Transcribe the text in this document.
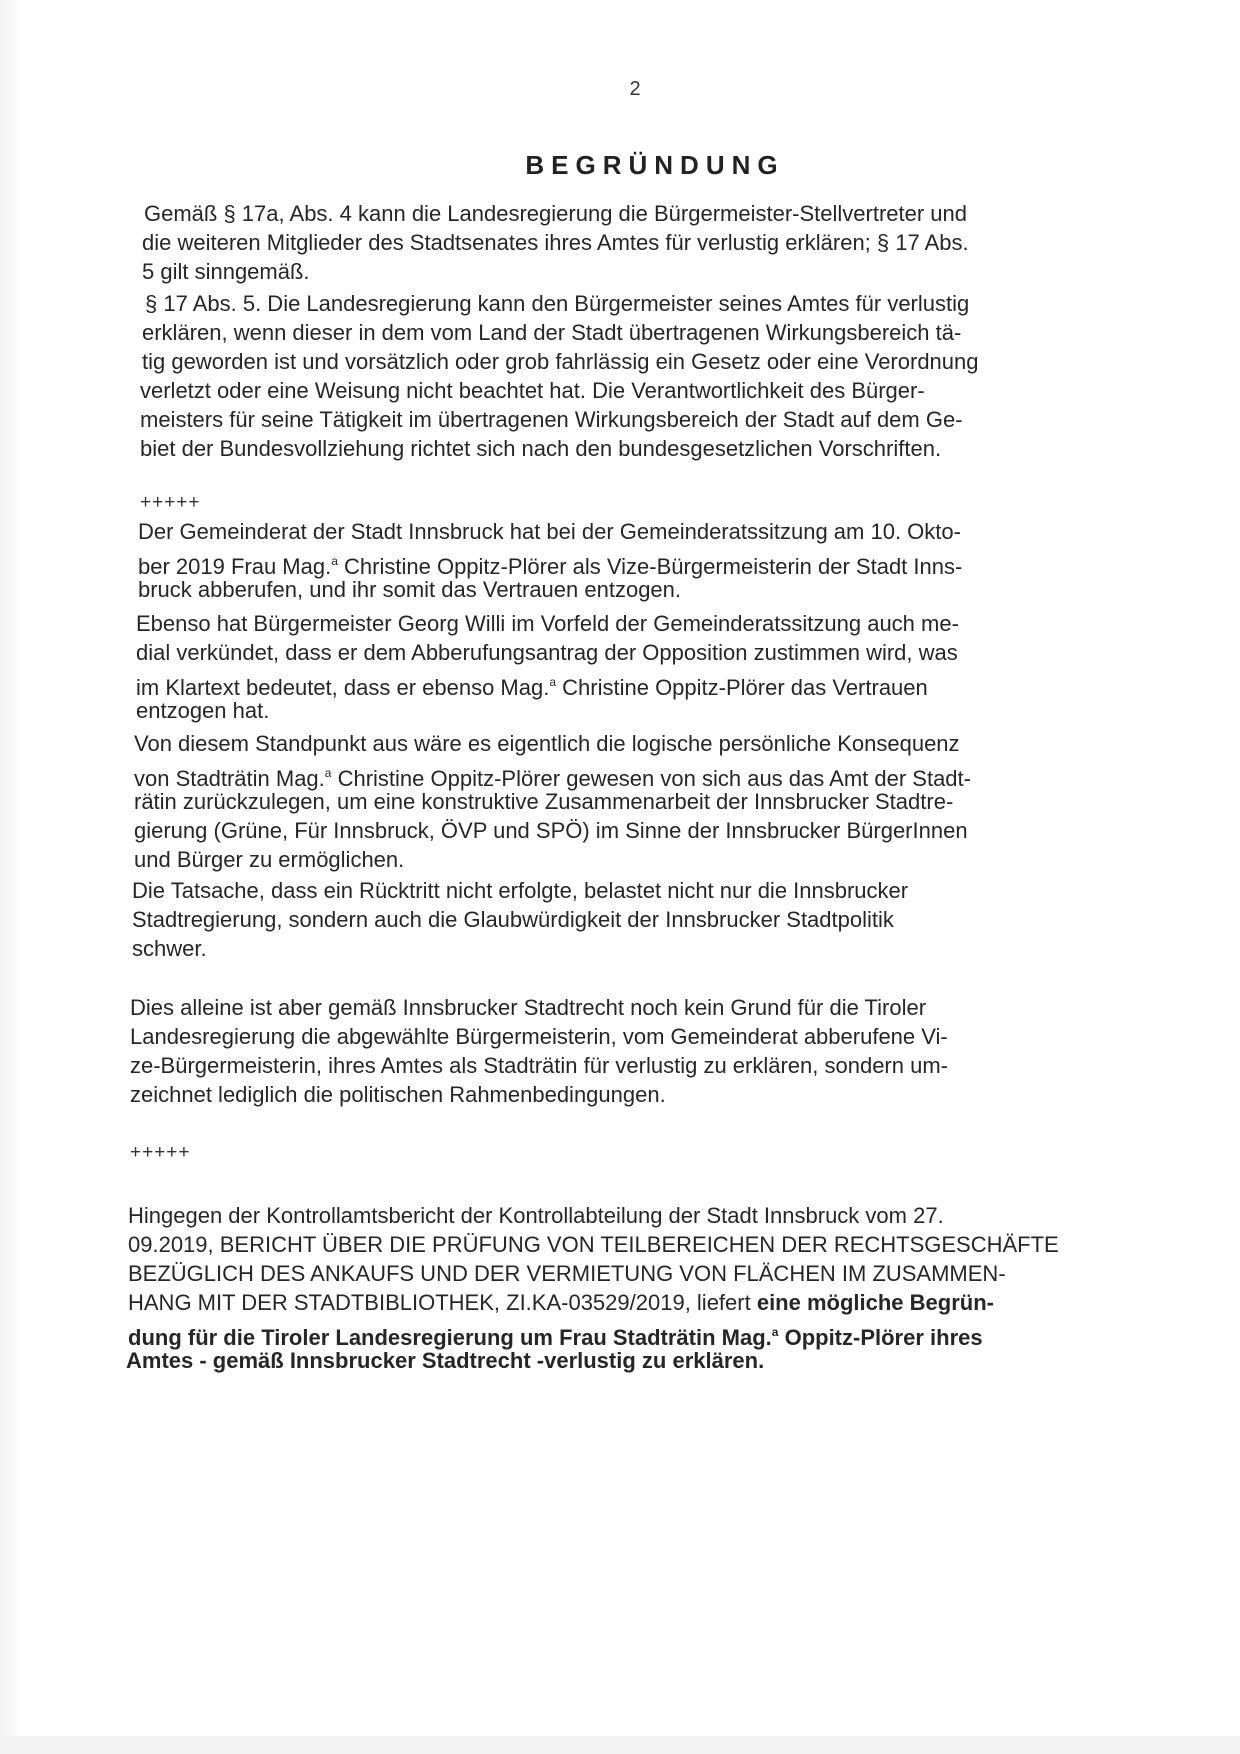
2
BEGRÜNDUNG
Gemäß § 17a, Abs. 4 kann die Landesregierung die Bürgermeister-Stellvertreter und
die weiteren Mitglieder des Stadtsenates ihres Amtes für verlustig erklären; § 17 Abs.
5 gilt sinngemäß.
§ 17 Abs. 5. Die Landesregierung kann den Bürgermeister seines Amtes für verlustig
erklären, wenn dieser in dem vom Land der Stadt übertragenen Wirkungsbereich tä-
tig geworden ist und vorsätzlich oder grob fahrlässig ein Gesetz oder eine Verordnung
verletzt oder eine Weisung nicht beachtet hat. Die Verantwortlichkeit des Bürger-
meisters für seine Tätigkeit im übertragenen Wirkungsbereich der Stadt auf dem Ge-
biet der Bundesvollziehung richtet sich nach den bundesgesetzlichen Vorschriften.
+++++
Der Gemeinderat der Stadt Innsbruck hat bei der Gemeinderatssitzung am 10. Okto-
ber 2019 Frau Mag.$^a$ Christine Oppitz-Plörer als Vize-Bürgermeisterin der Stadt Inns-
bruck abberufen, und ihr somit das Vertrauen entzogen.
Ebenso hat Bürgermeister Georg Willi im Vorfeld der Gemeinderatssitzung auch me-
dial verkündet, dass er dem Abberufungsantrag der Opposition zustimmen wird, was
im Klartext bedeutet, dass er ebenso Mag.$^a$ Christine Oppitz-Plörer das Vertrauen
entzogen hat.
Von diesem Standpunkt aus wäre es eigentlich die logische persönliche Konsequenz
von Stadträtin Mag.$^a$ Christine Oppitz-Plörer gewesen von sich aus das Amt der Stadt-
rätin zurückzulegen, um eine konstruktive Zusammenarbeit der Innsbrucker Stadtre-
gierung (Grüne, Für Innsbruck, ÖVP und SPÖ) im Sinne der Innsbrucker BürgerInnen
und Bürger zu ermöglichen.
Die Tatsache, dass ein Rücktritt nicht erfolgte, belastet nicht nur die Innsbrucker
Stadtregierung, sondern auch die Glaubwürdigkeit der Innsbrucker Stadtpolitik
schwer.
Dies alleine ist aber gemäß Innsbrucker Stadtrecht noch kein Grund für die Tiroler
Landesregierung die abgewählte Bürgermeisterin, vom Gemeinderat abberufene Vi-
ze-Bürgermeisterin, ihres Amtes als Stadträtin für verlustig zu erklären, sondern um-
zeichnet lediglich die politischen Rahmenbedingungen.
+++++
Hingegen der Kontrollamtsbericht der Kontrollabteilung der Stadt Innsbruck vom 27.
09.2019, BERICHT ÜBER DIE PRÜFUNG VON TEILBEREICHEN DER RECHTSGESCHÄFTE
BEZÜGLICH DES ANKAUFS UND DER VERMIETUNG VON FLÄCHEN IM ZUSAMMEN-
HANG MIT DER STADTBIBLIOTHEK, ZI.KA-03529/2019, liefert eine mögliche Begrün-
dung für die Tiroler Landesregierung um Frau Stadträtin Mag.$^a$ Oppitz-Plörer ihres
Amtes - gemäß Innsbrucker Stadtrecht -verlustig zu erklären.
